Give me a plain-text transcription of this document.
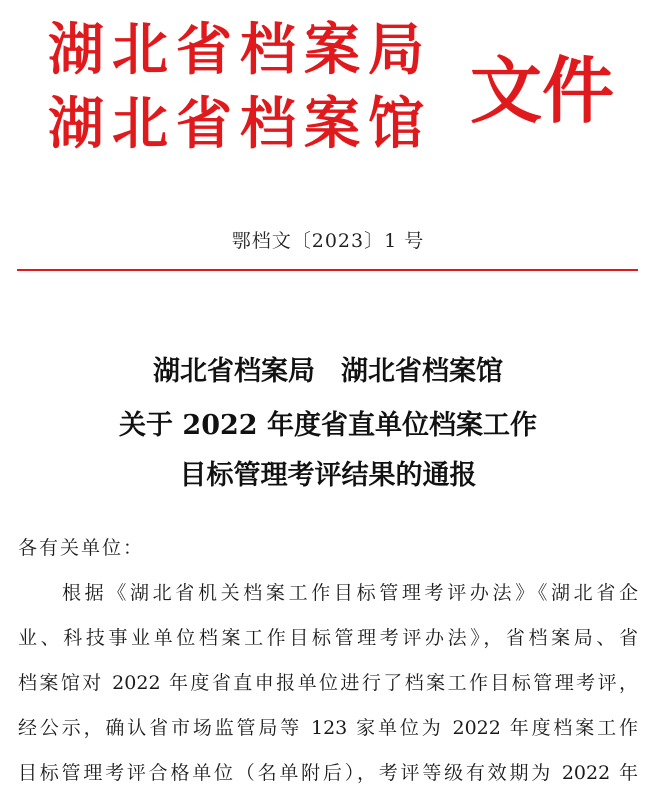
湖北省档案局
湖北省档案馆 文件
鄂档文〔2023〕1 号
湖北省档案局 湖北省档案馆
关于 2022 年度省直单位档案工作
目标管理考评结果的通报
各有关单位：
根据《湖北省机关档案工作目标管理考评办法》《湖北省企
业、科技事业单位档案工作目标管理考评办法》，省档案局、省
档案馆对 2022 年度省直申报单位进行了档案工作目标管理考评，
经公示，确认省市场监管局等 123 家单位为 2022 年度档案工作
目标管理考评合格单位（名单附后），考评等级有效期为 2022 年
